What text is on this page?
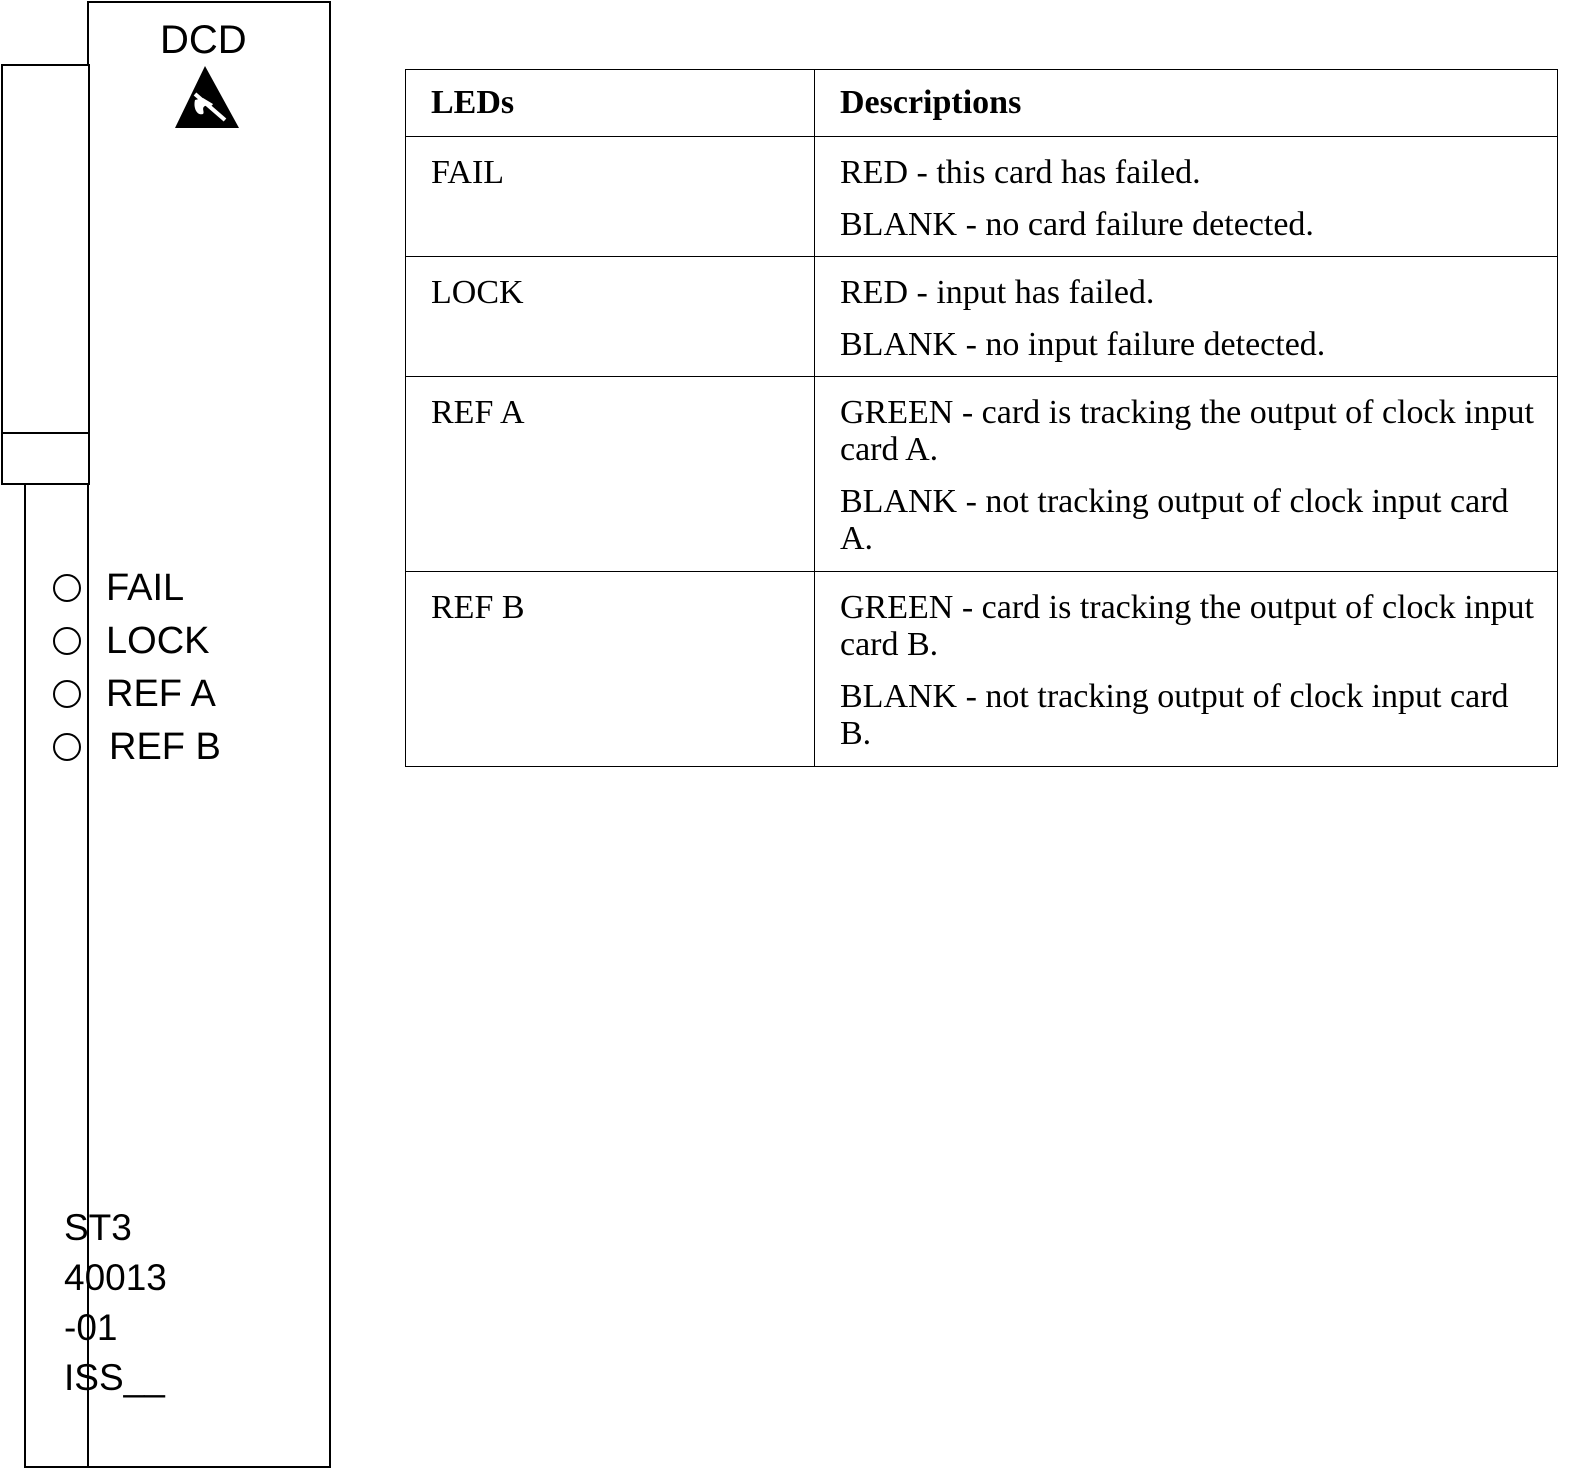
DCD
FAIL
LOCK
REF A
REF B
ST3
40013
-01
ISS__
LEDs	Descriptions

FAIL	RED - this card has failed.
BLANK - no card failure detected.

LOCK	RED - input has failed.
BLANK - no input failure detected.

REF A	GREEN - card is tracking the output of clock input card A.
BLANK - not tracking output of clock input card A.

REF B	GREEN - card is tracking the output of clock input card B.
BLANK - not tracking output of clock input card B.
